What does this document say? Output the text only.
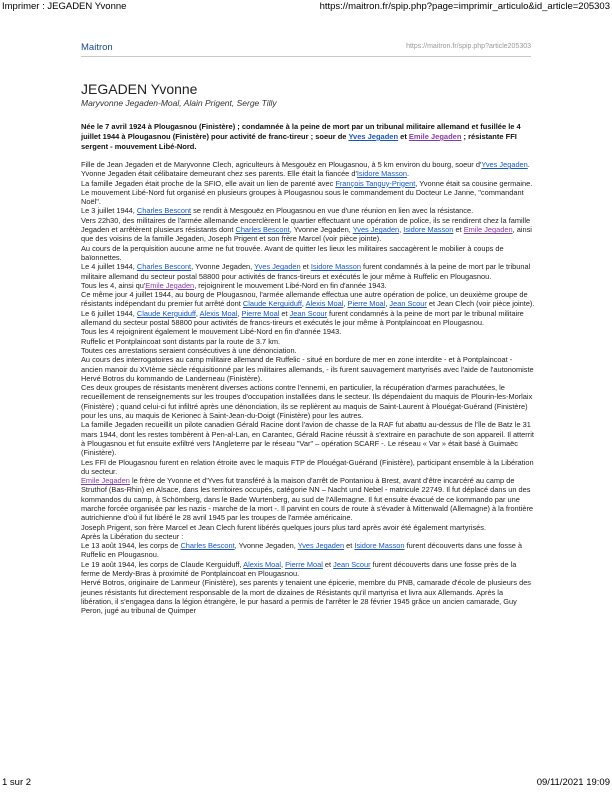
Imprimer : JEGADEN Yvonne	https://maitron.fr/spip.php?page=imprimir_articulo&id_article=205303
Maitron	https://maitron.fr/spip.php?article205303
JEGADEN Yvonne
Maryvonne Jegaden-Moal, Alain Prigent, Serge Tilly
Née le 7 avril 1924 à Plougasnou (Finistère) ; condamnée à la peine de mort par un tribunal militaire allemand et fusillée le 4 juillet 1944 à Plougasnou (Finistère) pour activité de franc-tireur ; soeur de Yves Jegaden et Emile Jegaden ; résistante FFI sergent - mouvement Libé-Nord.

Fille de Jean Jegaden et de Maryvonne Clech, agriculteurs à Mesgouëz en Plougasnou, à 5 km environ du bourg, soeur d'Yves Jegaden.

Yvonne Jegaden était célibataire demeurant chez ses parents. Elle était la fiancée d'Isidore Masson.

La famille Jegaden était proche de la SFIO, elle avait un lien de parenté avec François Tanguy-Prigent, Yvonne était sa cousine germaine.

Le mouvement Libé-Nord fut organisé en plusieurs groupes à Plougasnou sous le commandement du Docteur Le Janne, "commandant Noël".

Le 3 juillet 1944, Charles Bescont se rendit à Mesgouëz en Plougasnou en vue d'une réunion en lien avec la résistance.

Vers 22h30, des militaires de l'armée allemande encerclèrent le quartier effectuant une opération de police, ils se rendirent chez la famille Jegaden et arrêtèrent plusieurs résistants dont Charles Bescont, Yvonne Jegaden, Yves Jegaden, Isidore Masson et Emile Jegaden, ainsi que des voisins de la famille Jegaden, Joseph Prigent et son frère Marcel (voir pièce jointe).

Au cours de la perquisition aucune arme ne fut trouvée. Avant de quitter les lieux les militaires saccagèrent le mobilier à coups de baïonnettes.

Le 4 juillet 1944, Charles Bescont, Yvonne Jegaden, Yves Jegaden et Isidore Masson furent condamnés à la peine de mort par le tribunal militaire allemand du secteur postal 58800 pour activités de francs-tireurs et exécutés le jour même à Ruffelic en Plougasnou.

Tous les 4, ainsi qu'Emile Jegaden, rejoignirent le mouvement Libé-Nord en fin d'année 1943.

Ce même jour 4 juillet 1944, au bourg de Plougasnou, l'armée allemande effectua une autre opération de police, un deuxième groupe de résistants indépendant du premier fut arrêté dont Claude Kerguiduff, Alexis Moal, Pierre Moal, Jean Scour et Jean Clech (voir pièce jointe).

Le 6 juillet 1944, Claude Kerguiduff, Alexis Moal, Pierre Moal et Jean Scour furent condamnés à la peine de mort par le tribunal militaire allemand du secteur postal 58800 pour activités de francs-tireurs et exécutés le jour même à Pontplaincoat en Plougasnou.

Tous les 4 rejoignirent également le mouvement Libé-Nord en fin d'année 1943.

Ruffelic et Pontplaincoat sont distants par la route de 3.7 km.

Toutes ces arrestations seraient consécutives à une dénonciation.

Au cours des interrogatoires au camp militaire allemand de Ruffelic - situé en bordure de mer en zone interdite - et à Pontplaincoat - ancien manoir du XVIème siècle réquisitionné par les militaires allemands, - ils furent sauvagement martyrisés avec l'aide de l'autonomiste Hervé Botros du kommando de Landerneau (Finistère).

Ces deux groupes de résistants menèrent diverses actions contre l'ennemi, en particulier, la récupération d'armes parachutées, le recueillement de renseignements sur les troupes d'occupation installées dans le secteur. Ils dépendaient du maquis de Plourin-les-Morlaix (Finistère) ; quand celui-ci fut infiltré après une dénonciation, ils se replièrent au maquis de Saint-Laurent à Plouégat-Guérand (Finistère) pour les uns, au maquis de Kerionec à Saint-Jean-du-Doigt (Finistère) pour les autres.

La famille Jegaden recueillit un pilote canadien Gérald Racine dont l'avion de chasse de la RAF fut abattu au-dessus de l'île de Batz le 31 mars 1944, dont les restes tombèrent à Pen-al-Lan, en Carantec, Gérald Racine réussit à s'extraire en parachute de son appareil. Il atterrit à Plougasnou et fut ensuite exfiltré vers l'Angleterre par le réseau "Var" – opération SCARF -. Le réseau « Var » était basé à Guimaëc (Finistère).

Les FFI de Plougasnou furent en relation étroite avec le maquis FTP de Plouégat-Guérand (Finistère), participant ensemble à la Libération du secteur.

Emile Jegaden le frère de Yvonne et d'Yves fut transféré à la maison d'arrêt de Pontaniou à Brest, avant d'être incarcéré au camp de Struthof (Bas-Rhin) en Alsace, dans les territoires occupés, catégorie NN – Nacht und Nebel - matricule 22749. Il fut déplacé dans un des kommandos du camp, à Schömberg, dans le Bade Wurtenberg, au sud de l'Allemagne. Il fut ensuite évacué de ce kommando par une marche forcée organisée par les nazis - marche de la mort -. Il parvint en cours de route à s'évader à Mittenwald (Allemagne) à la frontière autrichienne d'où il fut libéré le 28 avril 1945 par les troupes de l'armée américaine.

Joseph Prigent, son frère Marcel et Jean Clech furent libérés quelques jours plus tard après avoir été également martyrisés.

Après la Libération du secteur :

Le 13 août 1944, les corps de Charles Bescont, Yvonne Jegaden, Yves Jegaden et Isidore Masson furent découverts dans une fosse à Ruffelic en Plougasnou.

Le 19 août 1944, les corps de Claude Kerguiduff, Alexis Moal, Pierre Moal et Jean Scour furent découverts dans une fosse près de la ferme de Merdy-Bras à proximité de Pontplaincoat en Plougasnou.

Hervé Botros, originaire de Lanmeur (Finistère), ses parents y tenaient une épicerie, membre du PNB, camarade d'école de plusieurs des jeunes résistants fut directement responsable de la mort de dizaines de Résistants qu'il martyrisa et livra aux Allemands. Après la libération, il s'engagea dans la légion étrangère, le pur hasard a permis de l'arrêter le 28 février 1945 grâce un ancien camarade, Guy Peron, jugé au tribunal de Quimper

1 sur 2	09/11/2021 19:09
